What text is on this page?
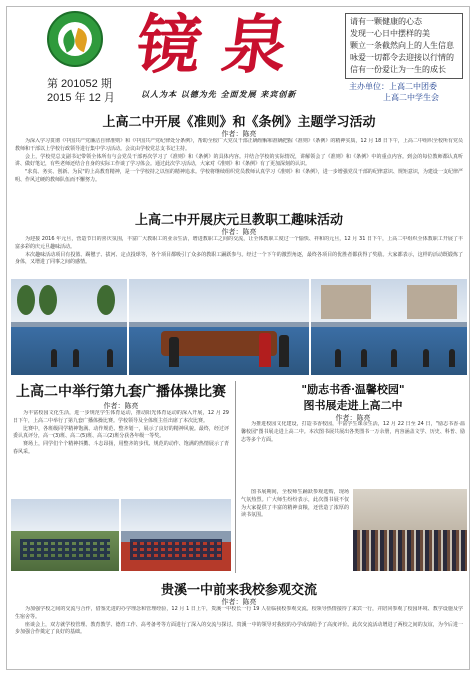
第 201052 期
2015 年 12 月
镜泉
以人为本 以德为先 全面发展 来宾创新
请有一颗健康的心态
发现一心日中摆样的美
颗立一条截然向上的人生信息
咏爱一切都令去迎接以行情的
信有一份爱让为一生的成长
主办单位：上高二中团委
上高二中学生会
上高二中开展《准则》和《条例》主题学习活动
作者：陈亮

为深入学习贯彻《中国共产党廉洁自律准则》和《中国共产党纪律处分条例》，帮助全校广大党员干部正确理解和准确把握《准则》《条例》的精神实质，12 月 18 日下午，上高二中组织全校所有党员教师和干部以上学校行政领导进行集中学习活动。会议由学校党总支书记主持。

会上，学校党总支副书记带领全体所有与会党员干部再次学习了《准则》和《条例》的具体内容。并结合学校的实际情况，讲解领会了《准则》和《条例》中的重点内容。到会的每位教师都认真听讲、做好笔记，有些老师还结合自身的实际工作谈了学习体会。通过此次学习活动，大家对《准则》和《条例》有了更加深刻的认识。

"求真、务实、创新、为民"的上高教育精神，是一个学校持之以恒的精神追求。学校将继续组织党员教师认真学习《准则》和《条例》，进一步增强党员干部的纪律意识、规矩意识，为建设一支纪律严明、作风过硬的教师队伍而不懈努力。

上高二中开展庆元旦教职工趣味活动
作者：陈亮

为迎接 2016 年元旦，营造节日的喜庆氛围，丰富广大教职工的业余生活，增进教职工之间的交流，让全体教职工度过一个愉快、祥和的元旦，12 月 31 日下午，上高二中组织全体教职工开展了丰富多彩的庆元旦趣味活动。

本次趣味活动项目有投篮、踢毽子、拔河、定点投球等，各个项目都吸引了众多的教职工踊跃参与。经过一个下午的激烈角逐，最终各项目的优胜者都获得了奖励。大家都表示，这样的活动既锻炼了身体，又增进了同事之间的感情。

上高二中举行第九套广播体操比赛
作者：陈亮

为丰富校园文化生活，进一步规范学生体育运动，推动阳光体育运动的深入开展，12 月 29 日下午，上高二中举行了第九套广播体操比赛。学校领导及全体班主任出席了本次比赛。

比赛中，各班级同学精神饱满、动作规范、整齐划一，展示了良好的精神风貌。最终，经过评委认真评分，高一(3)班、高二(5)班、高三(2)班分获各年级一等奖。

赛场上，同学们个个精神抖擞、斗志昂扬，用整齐的步伐、规范的动作、饱满的热情展示了青春风采。

"励志书香·温馨校园"
图书展走进上高二中
作者：陈亮

为推进校园文化建设，打造书香校园，丰富学生课余生活，12 月 22 日至 24 日，"励志书香·温馨校园"图书展走进上高二中。本次图书展共展出各类图书一万余册，内容涵盖文学、历史、科普、励志等多个方面。

图书展期间，全校师生踊跃参观选购，现场气氛热烈。广大师生纷纷表示，此次图书展不仅为大家提供了丰富的精神食粮，还营造了浓厚的读书氛围。

贵溪一中前来我校参观交流
作者：陈亮

为加强学校之间的交流与合作，借鉴先进的办学理念和管理经验，12 月 1 日上午，贵溪一中校长一行 19 人莅临我校参观交流。校领导热情接待了来宾一行，并陪同参观了校园环境、教学设施及学生宿舍等。

座谈会上，双方就学校管理、教育教学、德育工作、高考备考等方面进行了深入的交流与探讨。贵溪一中的领导对我校的办学成绩给予了高度评价。此次交流活动增进了两校之间的友谊，为今后进一步加强合作奠定了良好的基础。
